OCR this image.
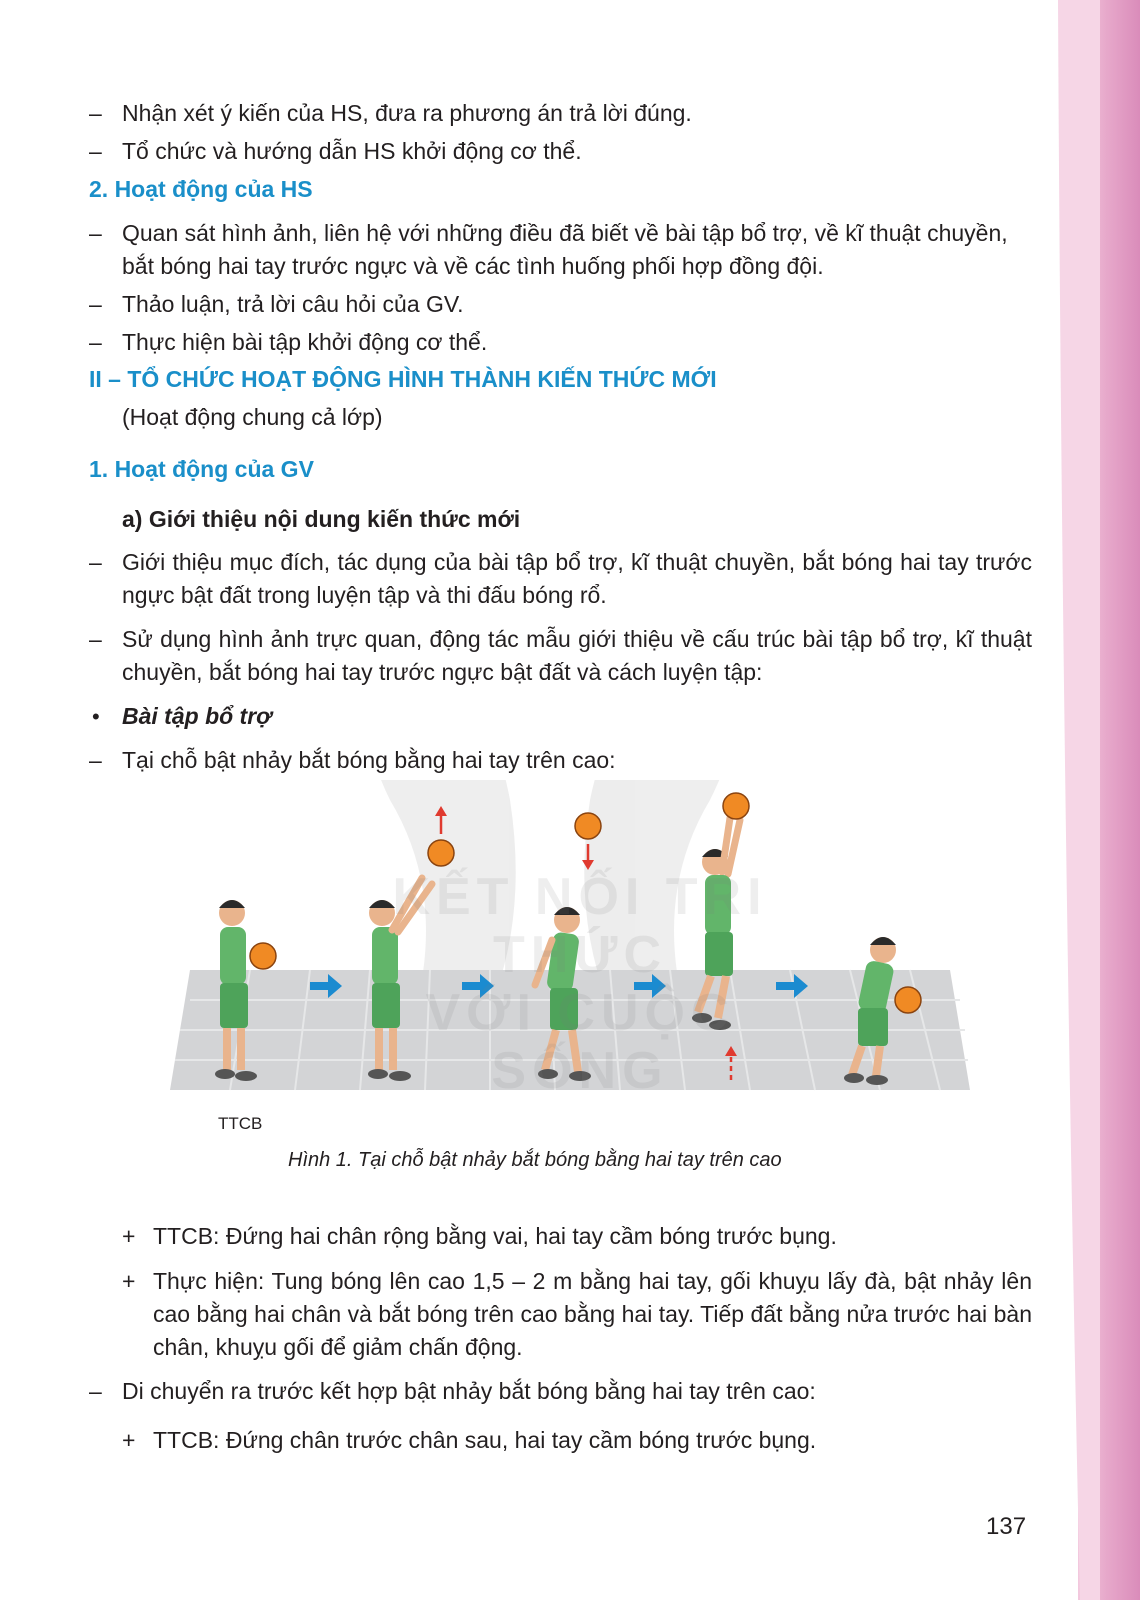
– Nhận xét ý kiến của HS, đưa ra phương án trả lời đúng.
– Tổ chức và hướng dẫn HS khởi động cơ thể.
2. Hoạt động của HS
– Quan sát hình ảnh, liên hệ với những điều đã biết về bài tập bổ trợ, về kĩ thuật chuyền,
bắt bóng hai tay trước ngực và về các tình huống phối hợp đồng đội.
– Thảo luận, trả lời câu hỏi của GV.
– Thực hiện bài tập khởi động cơ thể.
II – TỔ CHỨC HOẠT ĐỘNG HÌNH THÀNH KIẾN THỨC MỚI
(Hoạt động chung cả lớp)
1. Hoạt động của GV
a) Giới thiệu nội dung kiến thức mới
– Giới thiệu mục đích, tác dụng của bài tập bổ trợ, kĩ thuật chuyền, bắt bóng hai tay trước ngực bật đất trong luyện tập và thi đấu bóng rổ.
– Sử dụng hình ảnh trực quan, động tác mẫu giới thiệu về cấu trúc bài tập bổ trợ, kĩ thuật chuyền, bắt bóng hai tay trước ngực bật đất và cách luyện tập:
• Bài tập bổ trợ
– Tại chỗ bật nhảy bắt bóng bằng hai tay trên cao:
KẾT NỐI TRI THỨC
VỚI CUỘC SỐNG
TTCB
Hình 1. Tại chỗ bật nhảy bắt bóng bằng hai tay trên cao
+ TTCB: Đứng hai chân rộng bằng vai, hai tay cầm bóng trước bụng.
+ Thực hiện: Tung bóng lên cao 1,5 – 2 m bằng hai tay, gối khuỵu lấy đà, bật nhảy lên cao bằng hai chân và bắt bóng trên cao bằng hai tay. Tiếp đất bằng nửa trước hai bàn chân, khuỵu gối để giảm chấn động.
– Di chuyển ra trước kết hợp bật nhảy bắt bóng bằng hai tay trên cao:
+ TTCB: Đứng chân trước chân sau, hai tay cầm bóng trước bụng.
137
